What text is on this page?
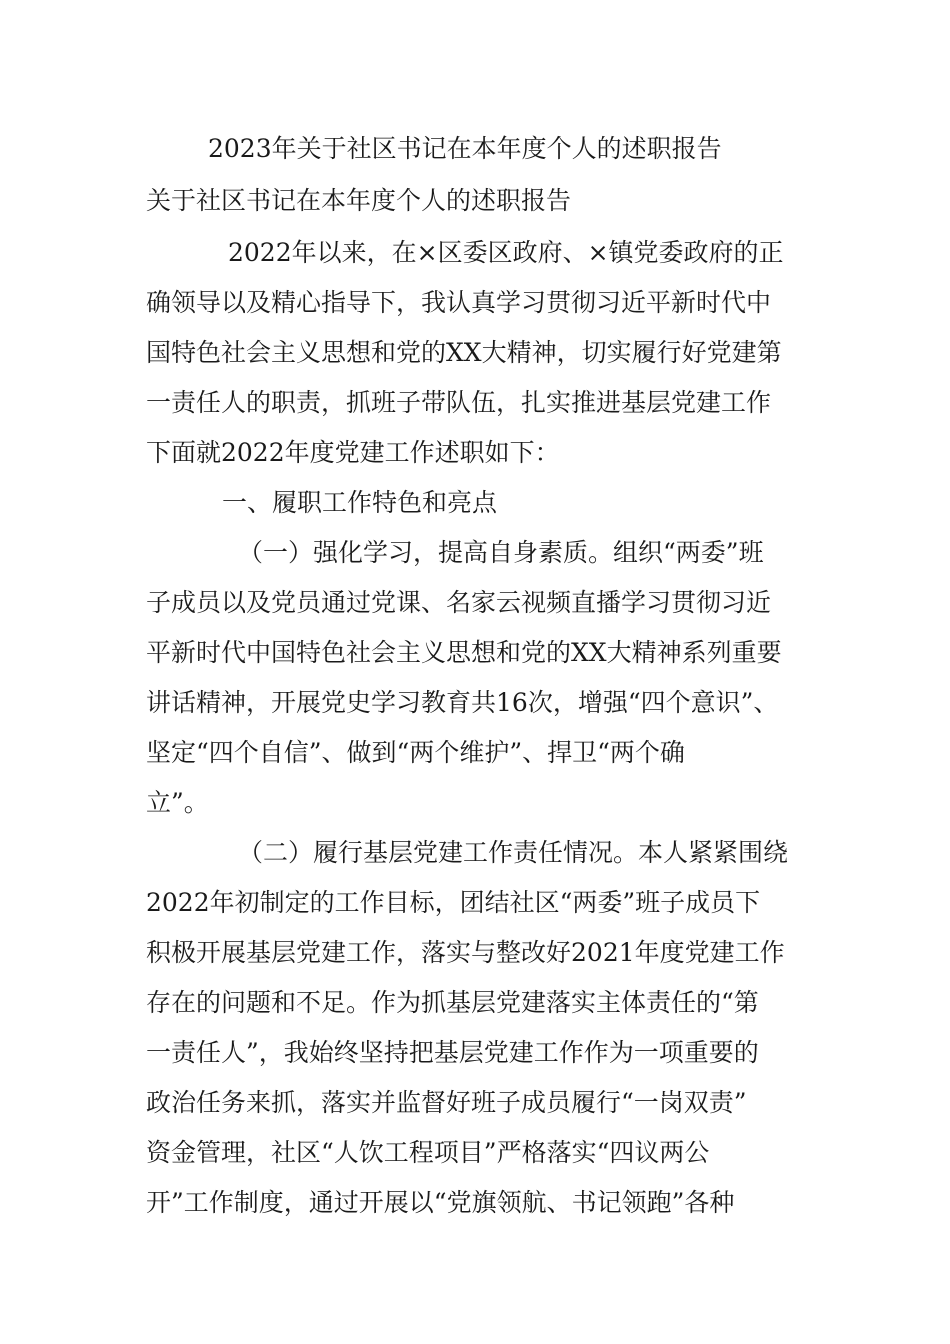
2023年关于社区书记在本年度个人的述职报告

关于社区书记在本年度个人的述职报告

2022年以来，在×区委区政府、×镇党委政府的正

确领导以及精心指导下，我认真学习贯彻习近平新时代中

国特色社会主义思想和党的XX大精神，切实履行好党建第

一责任人的职责，抓班子带队伍，扎实推进基层党建工作

下面就2022年度党建工作述职如下：

一、履职工作特色和亮点

（一）强化学习，提高自身素质。组织“两委”班

子成员以及党员通过党课、名家云视频直播学习贯彻习近

平新时代中国特色社会主义思想和党的XX大精神系列重要

讲话精神，开展党史学习教育共16次，增强“四个意识”、

坚定“四个自信”、做到“两个维护”、捍卫“两个确

立”。

（二）履行基层党建工作责任情况。本人紧紧围绕

2022年初制定的工作目标，团结社区“两委”班子成员下

积极开展基层党建工作，落实与整改好2021年度党建工作

存在的问题和不足。作为抓基层党建落实主体责任的“第

一责任人”，我始终坚持把基层党建工作作为一项重要的

政治任务来抓，落实并监督好班子成员履行“一岗双责”

资金管理，社区“人饮工程项目”严格落实“四议两公

开”工作制度，通过开展以“党旗领航、书记领跑”各种
